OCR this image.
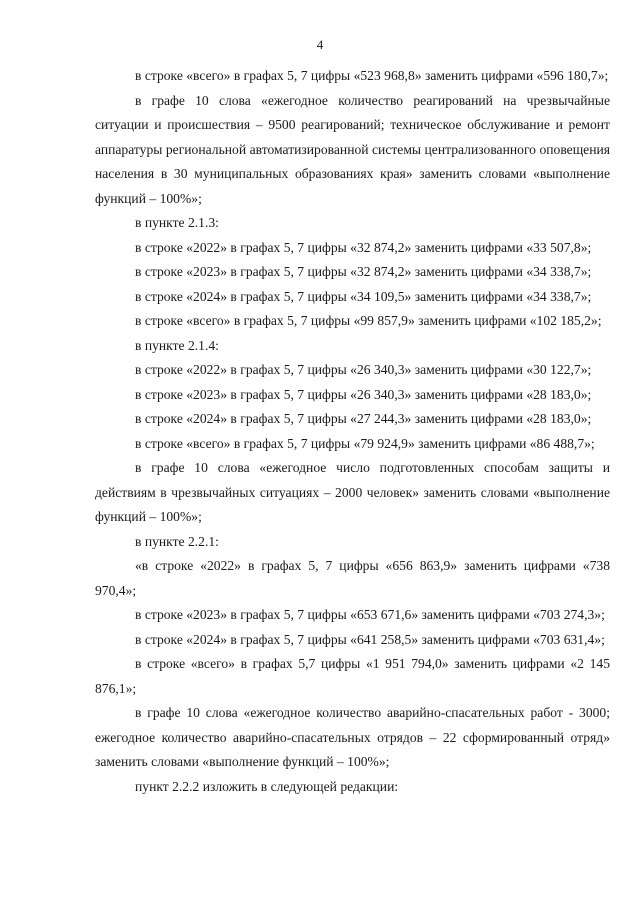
4

в строке «всего» в графах 5, 7 цифры «523 968,8» заменить цифрами «596 180,7»;

в графе 10 слова «ежегодное количество реагирований на чрезвычайные ситуации и происшествия – 9500 реагирований; техническое обслуживание и ремонт аппаратуры региональной автоматизированной системы централизованного оповещения населения в 30 муниципальных образованиях края» заменить словами «выполнение функций – 100%»;

в пункте 2.1.3:

в строке «2022» в графах 5, 7 цифры «32 874,2» заменить цифрами «33 507,8»;

в строке «2023» в графах 5, 7 цифры «32 874,2» заменить цифрами «34 338,7»;

в строке «2024» в графах 5, 7 цифры «34 109,5» заменить цифрами «34 338,7»;

в строке «всего» в графах 5, 7 цифры «99 857,9» заменить цифрами «102 185,2»;

в пункте 2.1.4:

в строке «2022» в графах 5, 7 цифры «26 340,3» заменить цифрами «30 122,7»;

в строке «2023» в графах 5, 7 цифры «26 340,3» заменить цифрами «28 183,0»;

в строке «2024» в графах 5, 7 цифры «27 244,3» заменить цифрами «28 183,0»;

в строке «всего» в графах 5, 7 цифры «79 924,9» заменить цифрами «86 488,7»;

в графе 10 слова «ежегодное число подготовленных способам защиты и действиям в чрезвычайных ситуациях – 2000 человек» заменить словами «выполнение функций – 100%»;

в пункте 2.2.1:

«в строке «2022» в графах 5, 7 цифры «656 863,9» заменить цифрами «738 970,4»;

в строке «2023» в графах 5, 7 цифры «653 671,6» заменить цифрами «703 274,3»;

в строке «2024» в графах 5, 7 цифры «641 258,5» заменить цифрами «703 631,4»;

в строке «всего» в графах 5,7 цифры «1 951 794,0» заменить цифрами «2 145 876,1»;

в графе 10 слова «ежегодное количество аварийно-спасательных работ - 3000; ежегодное количество аварийно-спасательных отрядов – 22 сформированный отряд» заменить словами «выполнение функций – 100%»;

пункт 2.2.2 изложить в следующей редакции:
